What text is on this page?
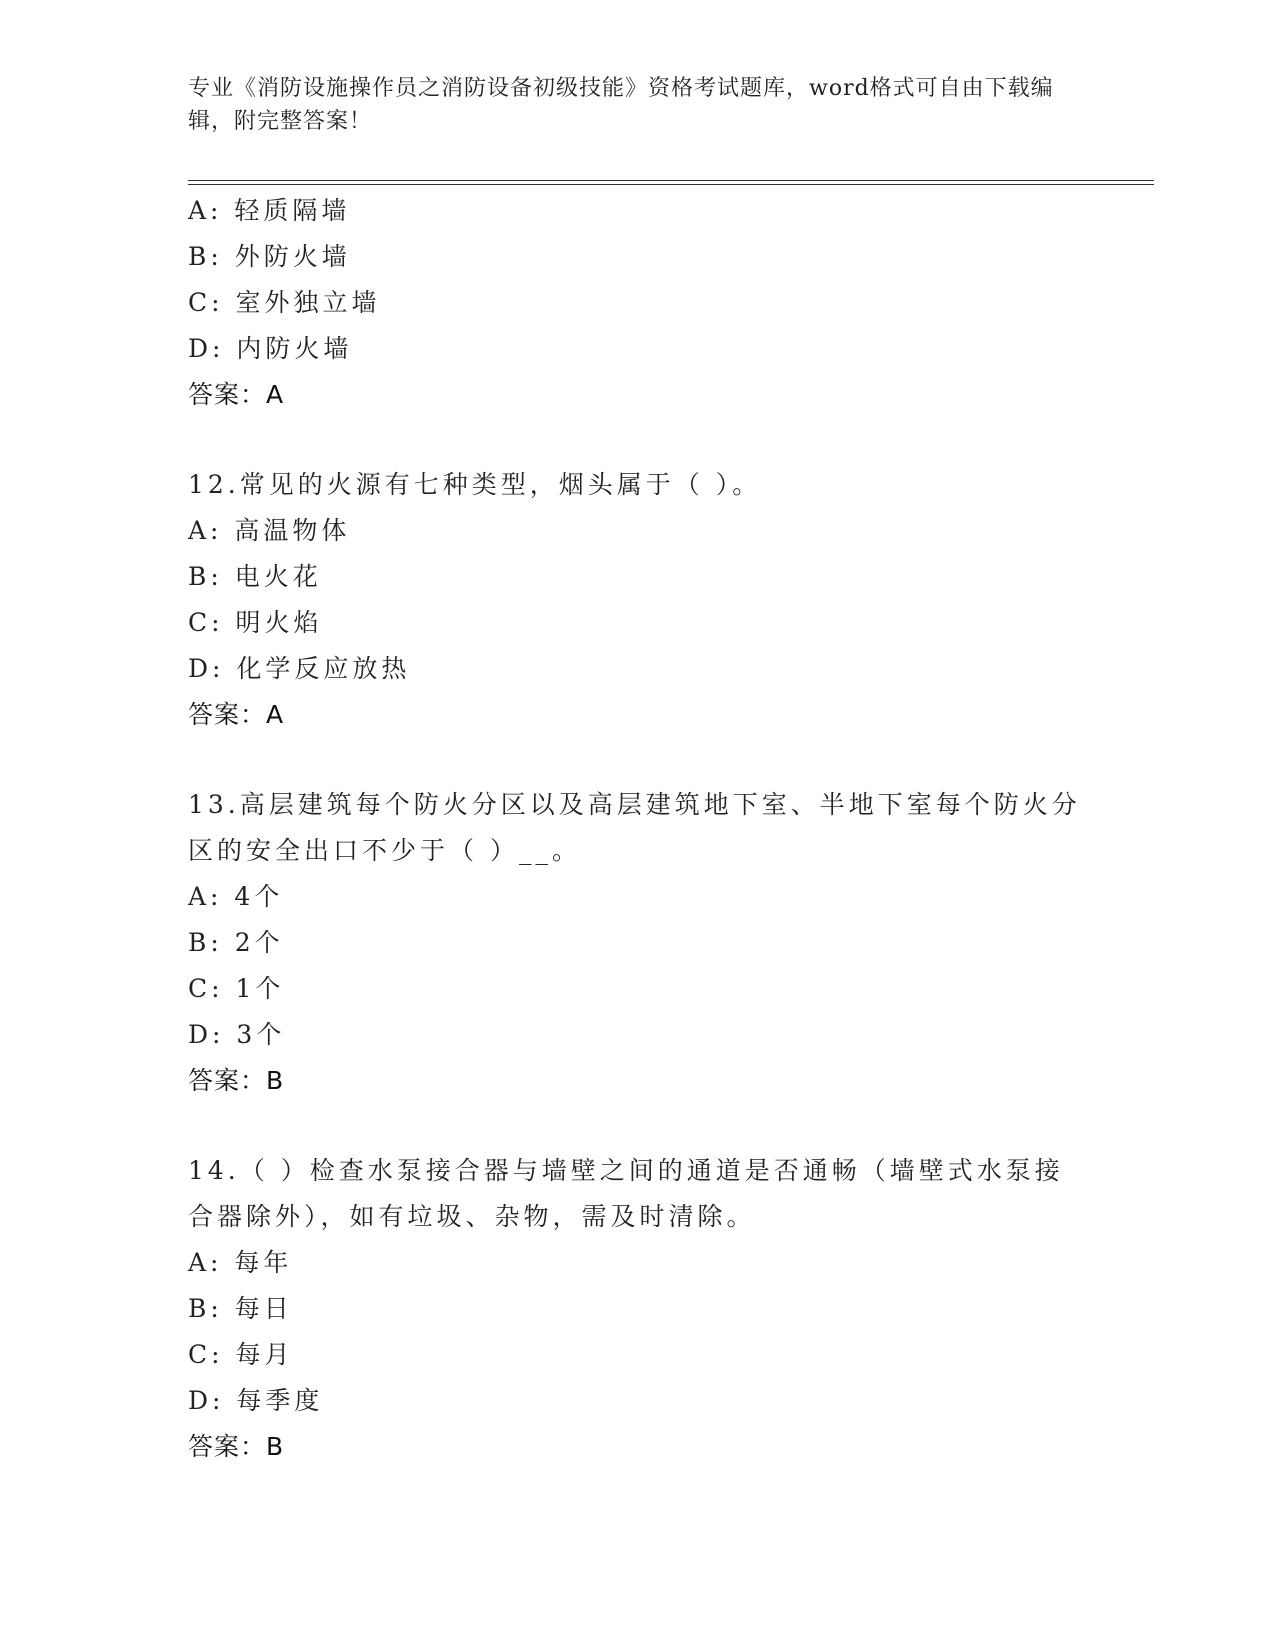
专业《消防设施操作员之消防设备初级技能》资格考试题库，word格式可自由下载编辑，附完整答案！
A: 轻质隔墙
B: 外防火墙
C: 室外独立墙
D: 内防火墙
答案：A
12.常见的火源有七种类型，烟头属于（ ）。
A: 高温物体
B: 电火花
C: 明火焰
D: 化学反应放热
答案：A
13.高层建筑每个防火分区以及高层建筑地下室、半地下室每个防火分区的安全出口不少于（ ）__。
A: 4个
B: 2个
C: 1个
D: 3个
答案：B
14.（ ）检查水泵接合器与墙壁之间的通道是否通畅（墙壁式水泵接合器除外），如有垃圾、杂物，需及时清除。
A: 每年
B: 每日
C: 每月
D: 每季度
答案：B
